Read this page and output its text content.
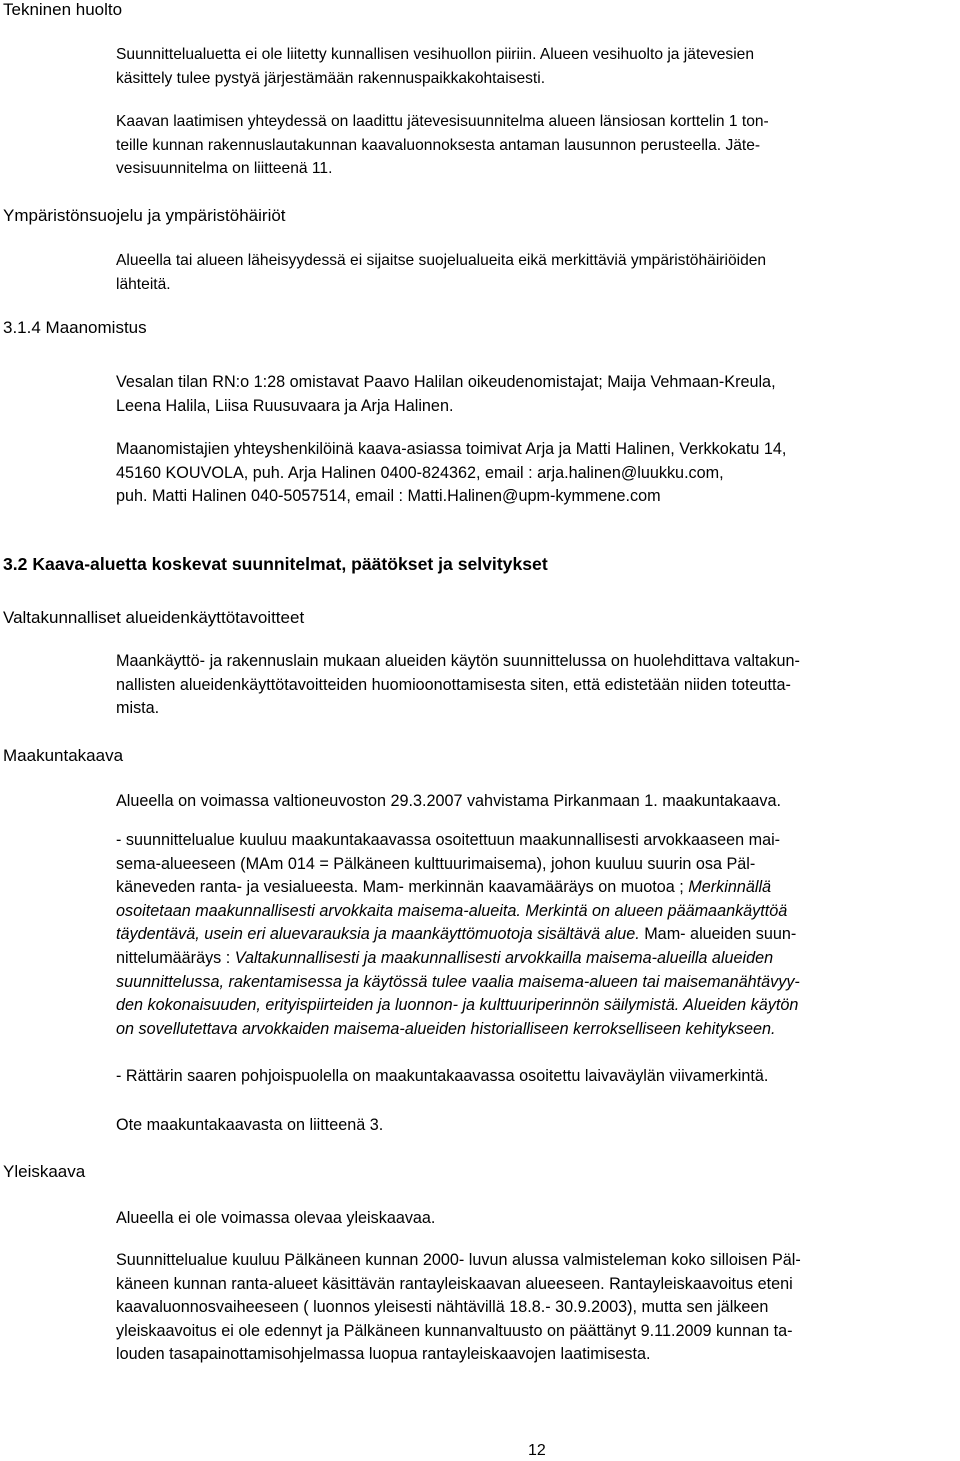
Tekninen huolto
Suunnittelualuetta ei ole liitetty kunnallisen vesihuollon piiriin. Alueen vesihuolto ja jätevesien
käsittely tulee pystyä järjestämään rakennuspaikkakohtaisesti.
Kaavan laatimisen yhteydessä on laadittu jätevesisuunnitelma alueen länsiosan korttelin 1 ton-
teille kunnan rakennuslautakunnan kaavaluonnoksesta antaman lausunnon perusteella. Jäte-
vesisuunnitelma on liitteenä 11.
Ympäristönsuojelu ja ympäristöhäiriöt
Alueella tai alueen läheisyydessä ei sijaitse suojelualueita eikä merkittäviä ympäristöhäiriöiden
lähteitä.
3.1.4 Maanomistus
Vesalan tilan RN:o 1:28 omistavat Paavo Halilan oikeudenomistajat; Maija Vehmaan-Kreula,
Leena Halila, Liisa Ruusuvaara ja Arja Halinen.
Maanomistajien yhteyshenkilöinä kaava-asiassa toimivat Arja ja Matti Halinen, Verkkokatu 14,
45160 KOUVOLA, puh. Arja Halinen 0400-824362, email : arja.halinen@luukku.com,
puh. Matti Halinen 040-5057514, email : Matti.Halinen@upm-kymmene.com
3.2 Kaava-aluetta koskevat suunnitelmat, päätökset ja selvitykset
Valtakunnalliset alueidenkäyttötavoitteet
Maankäyttö- ja rakennuslain mukaan alueiden käytön suunnittelussa on huolehdittava valtakun-
nallisten alueidenkäyttötavoitteiden huomioonottamisesta siten, että edistetään niiden toteutta-
mista.
Maakuntakaava
Alueella on voimassa valtioneuvoston 29.3.2007 vahvistama Pirkanmaan 1. maakuntakaava.
- suunnittelualue kuuluu maakuntakaavassa osoitettuun maakunnallisesti arvokkaaseen mai-
sema-alueeseen (MAm 014 = Pälkäneen kulttuurimaisema), johon kuuluu suurin osa Päl-
käneveden ranta- ja vesialueesta. Mam- merkinnän kaavamääräys on muotoa ; Merkinnällä
osoitetaan maakunnallisesti arvokkaita maisema-alueita. Merkintä on alueen päämaankäyttöä
täydentävä, usein eri aluevarauksia ja maankäyttömuotoja sisältävä alue. Mam- alueiden suun-
nittelumääräys : Valtakunnallisesti ja maakunnallisesti arvokkailla maisema-alueilla alueiden
suunnittelussa, rakentamisessa ja käytössä tulee vaalia maisema-alueen tai maisemanähtävyy-
den kokonaisuuden, erityispiirteiden ja luonnon- ja kulttuuriperinnön säilymistä. Alueiden käytön
on sovellutettava arvokkaiden maisema-alueiden historialliseen kerrokselliseen kehitykseen.
- Rättärin saaren pohjoispuolella on maakuntakaavassa osoitettu laivaväylän viivamerkintä.
Ote maakuntakaavasta on liitteenä 3.
Yleiskaava
Alueella ei ole voimassa olevaa yleiskaavaa.
Suunnittelualue kuuluu Pälkäneen kunnan 2000- luvun alussa valmisteleman koko silloisen Päl-
käneen kunnan ranta-alueet käsittävän rantayleiskaavan alueeseen. Rantayleiskaavoitus eteni
kaavaluonnosvaiheeseen ( luonnos yleisesti nähtävillä 18.8.- 30.9.2003), mutta sen jälkeen
yleiskaavoitus ei ole edennyt ja Pälkäneen kunnanvaltuusto on päättänyt 9.11.2009 kunnan ta-
louden tasapainottamisohjelmassa luopua rantayleiskaavojen laatimisesta.
12
